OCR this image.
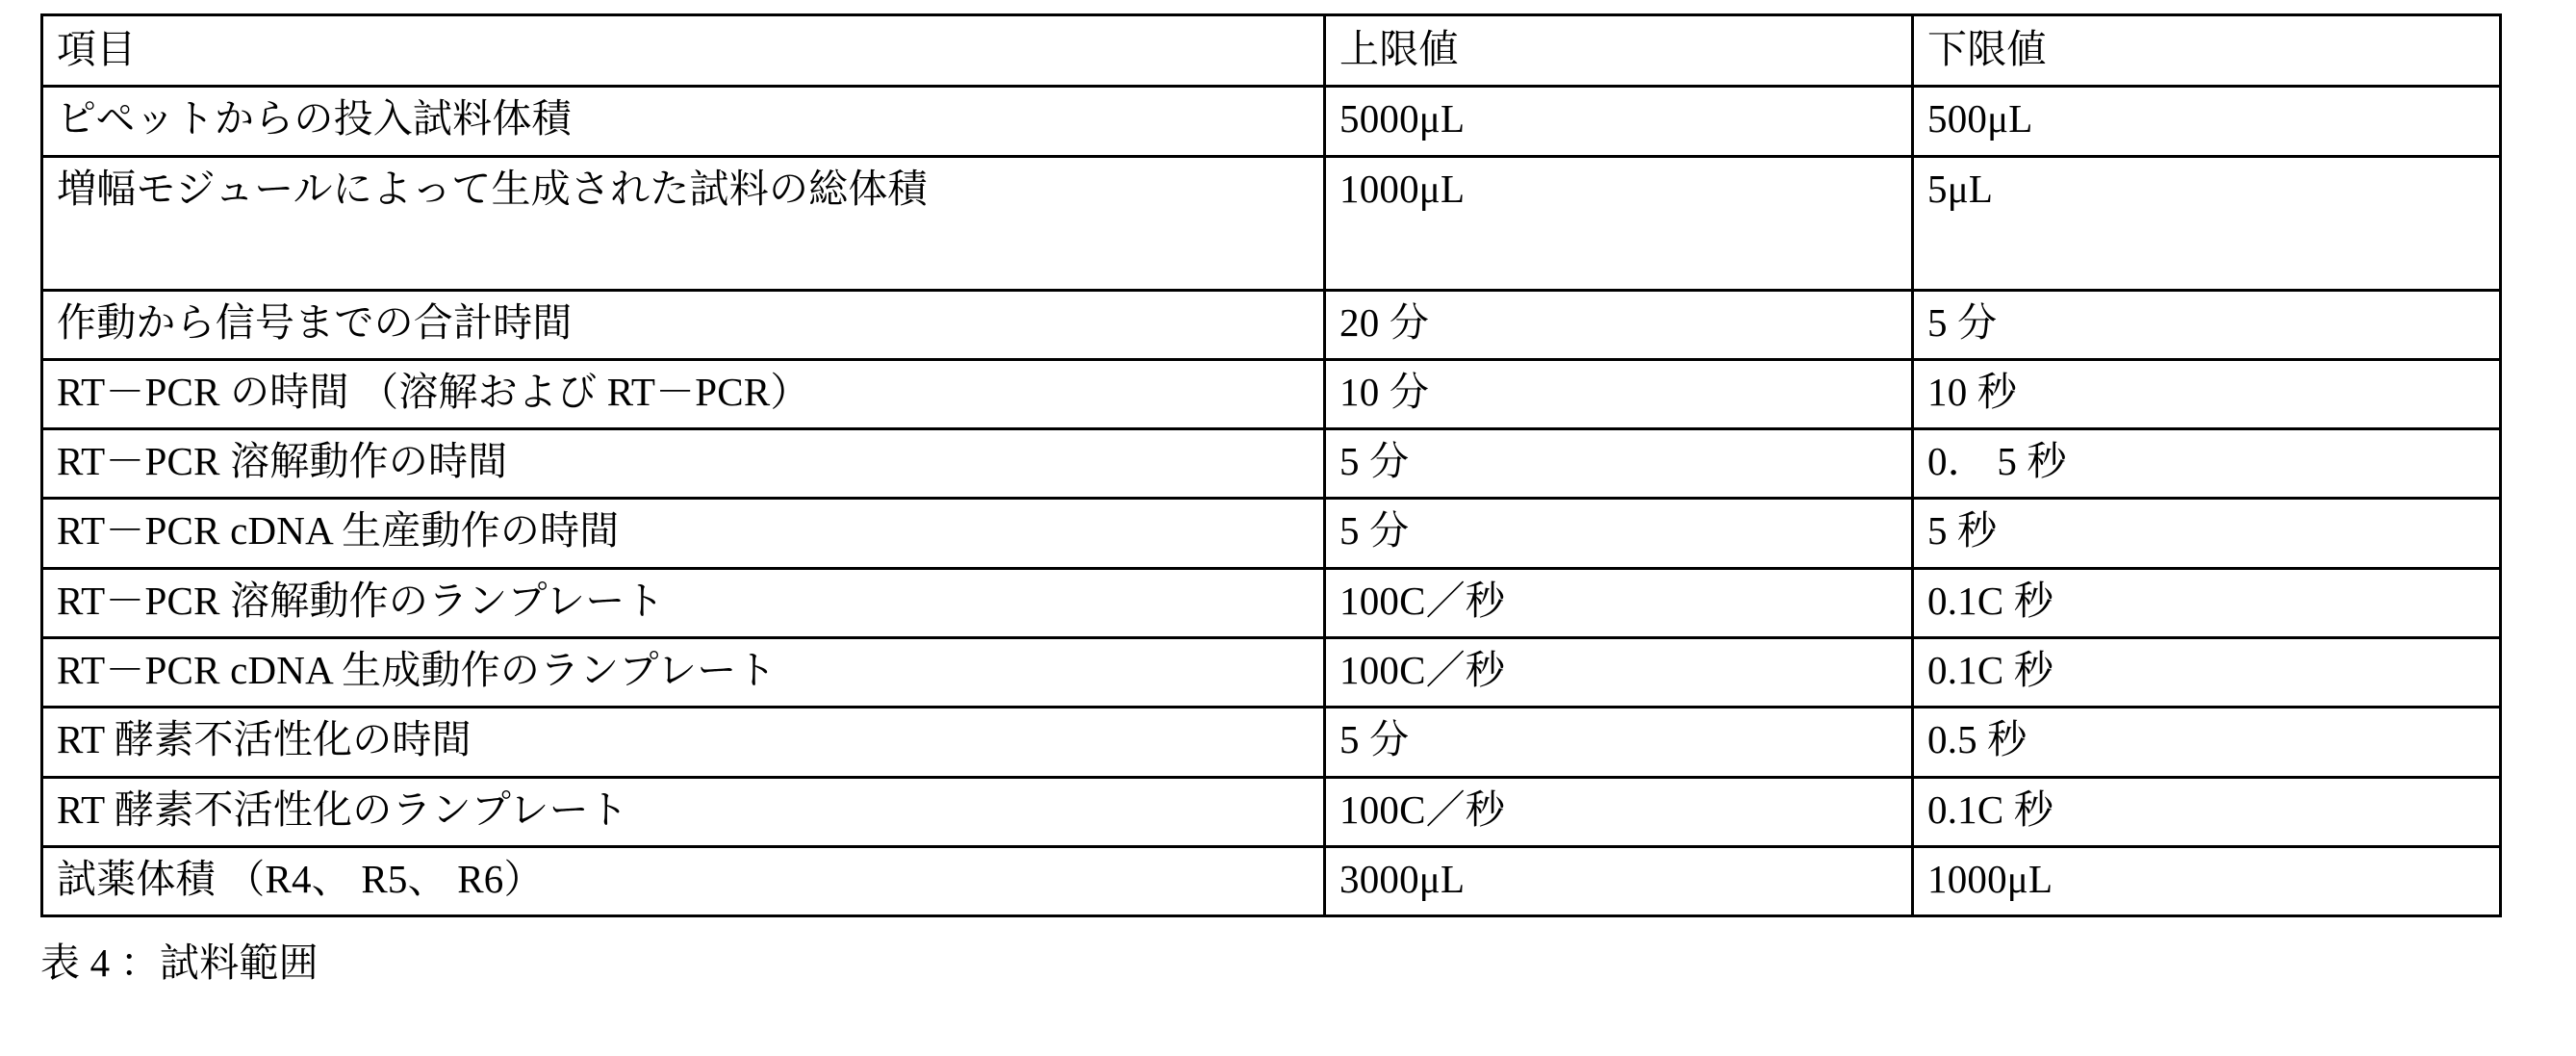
項目	上限値	下限値
ピペットからの投入試料体積	5000μL	500μL
増幅モジュールによって生成された試料の総体積	1000μL	5μL
作動から信号までの合計時間	20 分	5 分
RT－PCR の時間 （溶解および RT－PCR）	10 分	10 秒
RT－PCR 溶解動作の時間	5 分	0． 5 秒
RT－PCR cDNA 生産動作の時間	5 分	5 秒
RT－PCR 溶解動作のランプレート	100C／秒	0.1C 秒
RT－PCR cDNA 生成動作のランプレート	100C／秒	0.1C 秒
RT 酵素不活性化の時間	5 分	0.5 秒
RT 酵素不活性化のランプレート	100C／秒	0.1C 秒
試薬体積 （R4、 R5、 R6）	3000μL	1000μL
表 4 ：試料範囲
